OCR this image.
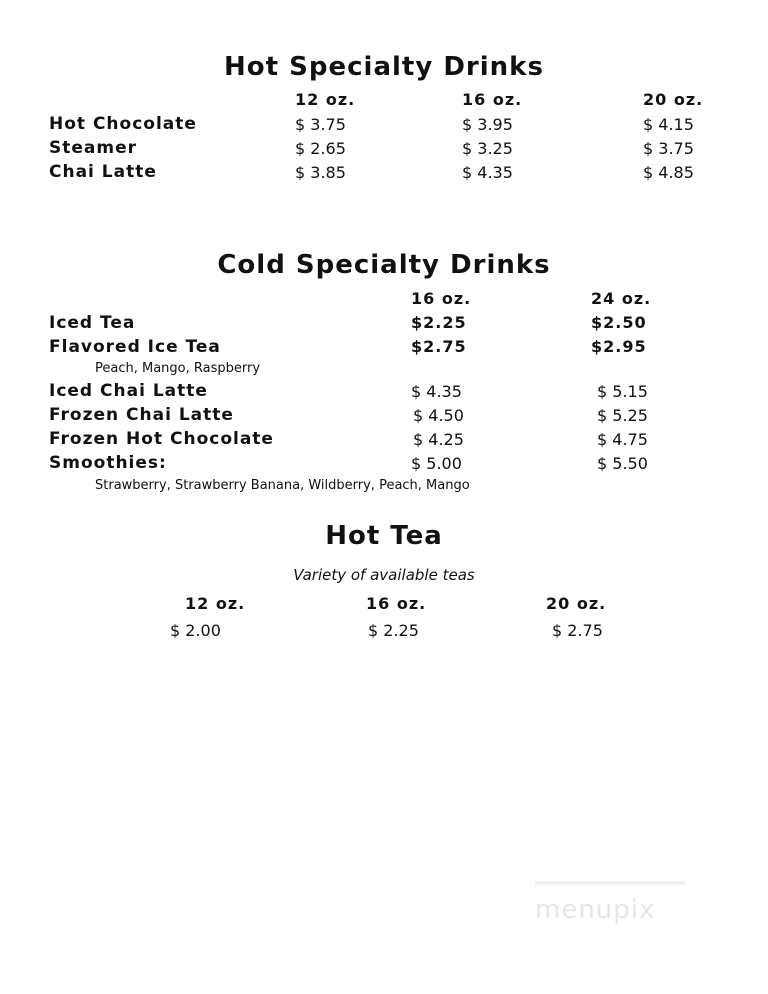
Hot Specialty Drinks
12 oz.	16 oz.	20 oz.
Hot Chocolate	$ 3.75	$ 3.95	$ 4.15
Steamer	$ 2.65	$ 3.25	$ 3.75
Chai Latte	$ 3.85	$ 4.35	$ 4.85
Cold Specialty Drinks
16 oz.	24 oz.
Iced Tea	$2.25	$2.50
Flavored Ice Tea	$2.75	$2.95
Peach, Mango, Raspberry
Iced Chai Latte	$ 4.35	$ 5.15
Frozen Chai Latte	$ 4.50	$ 5.25
Frozen Hot Chocolate	$ 4.25	$ 4.75
Smoothies:	$ 5.00	$ 5.50
Strawberry, Strawberry Banana, Wildberry, Peach, Mango
Hot Tea
Variety of available teas
12 oz.	16 oz.	20 oz.
$ 2.00	$ 2.25	$ 2.75
menupix
